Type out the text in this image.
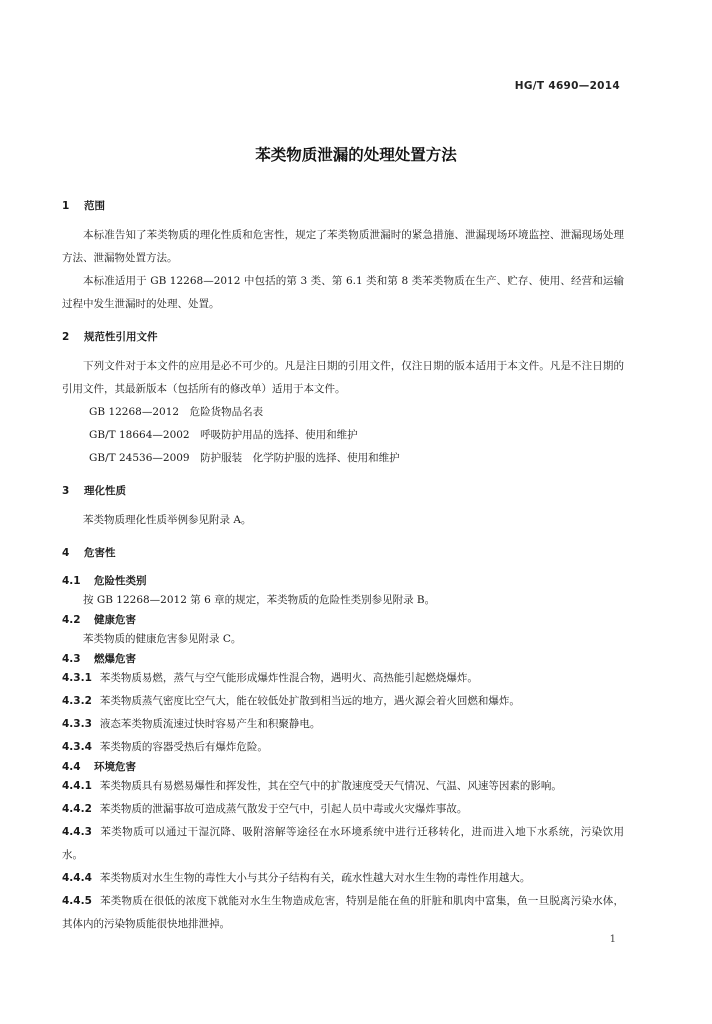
HG/T 4690—2014
苯类物质泄漏的处理处置方法
1 范围

本标准告知了苯类物质的理化性质和危害性，规定了苯类物质泄漏时的紧急措施、泄漏现场环境监控、泄漏现场处理方法、泄漏物处置方法。

本标准适用于 GB 12268—2012 中包括的第 3 类、第 6.1 类和第 8 类苯类物质在生产、贮存、使用、经营和运输过程中发生泄漏时的处理、处置。

2 规范性引用文件

下列文件对于本文件的应用是必不可少的。凡是注日期的引用文件，仅注日期的版本适用于本文件。凡是不注日期的引用文件，其最新版本（包括所有的修改单）适用于本文件。

GB 12268—2012　危险货物品名表
GB/T 18664—2002　呼吸防护用品的选择、使用和维护
GB/T 24536—2009　防护服装　化学防护服的选择、使用和维护
3 理化性质

苯类物质理化性质举例参见附录 A。

4 危害性
4.1 危险性类别

按 GB 12268—2012 第 6 章的规定，苯类物质的危险性类别参见附录 B。

4.2 健康危害

苯类物质的健康危害参见附录 C。

4.3 燃爆危害

4.3.1 苯类物质易燃，蒸气与空气能形成爆炸性混合物，遇明火、高热能引起燃烧爆炸。

4.3.2 苯类物质蒸气密度比空气大，能在较低处扩散到相当远的地方，遇火源会着火回燃和爆炸。

4.3.3 液态苯类物质流速过快时容易产生和积聚静电。

4.3.4 苯类物质的容器受热后有爆炸危险。

4.4 环境危害

4.4.1 苯类物质具有易燃易爆性和挥发性，其在空气中的扩散速度受天气情况、气温、风速等因素的影响。

4.4.2 苯类物质的泄漏事故可造成蒸气散发于空气中，引起人员中毒或火灾爆炸事故。

4.4.3 苯类物质可以通过干湿沉降、吸附溶解等途径在水环境系统中进行迁移转化，进而进入地下水系统，污染饮用水。

4.4.4 苯类物质对水生生物的毒性大小与其分子结构有关，疏水性越大对水生生物的毒性作用越大。

4.4.5 苯类物质在很低的浓度下就能对水生生物造成危害，特别是能在鱼的肝脏和肌肉中富集，鱼一旦脱离污染水体，其体内的污染物质能很快地排泄掉。

1
